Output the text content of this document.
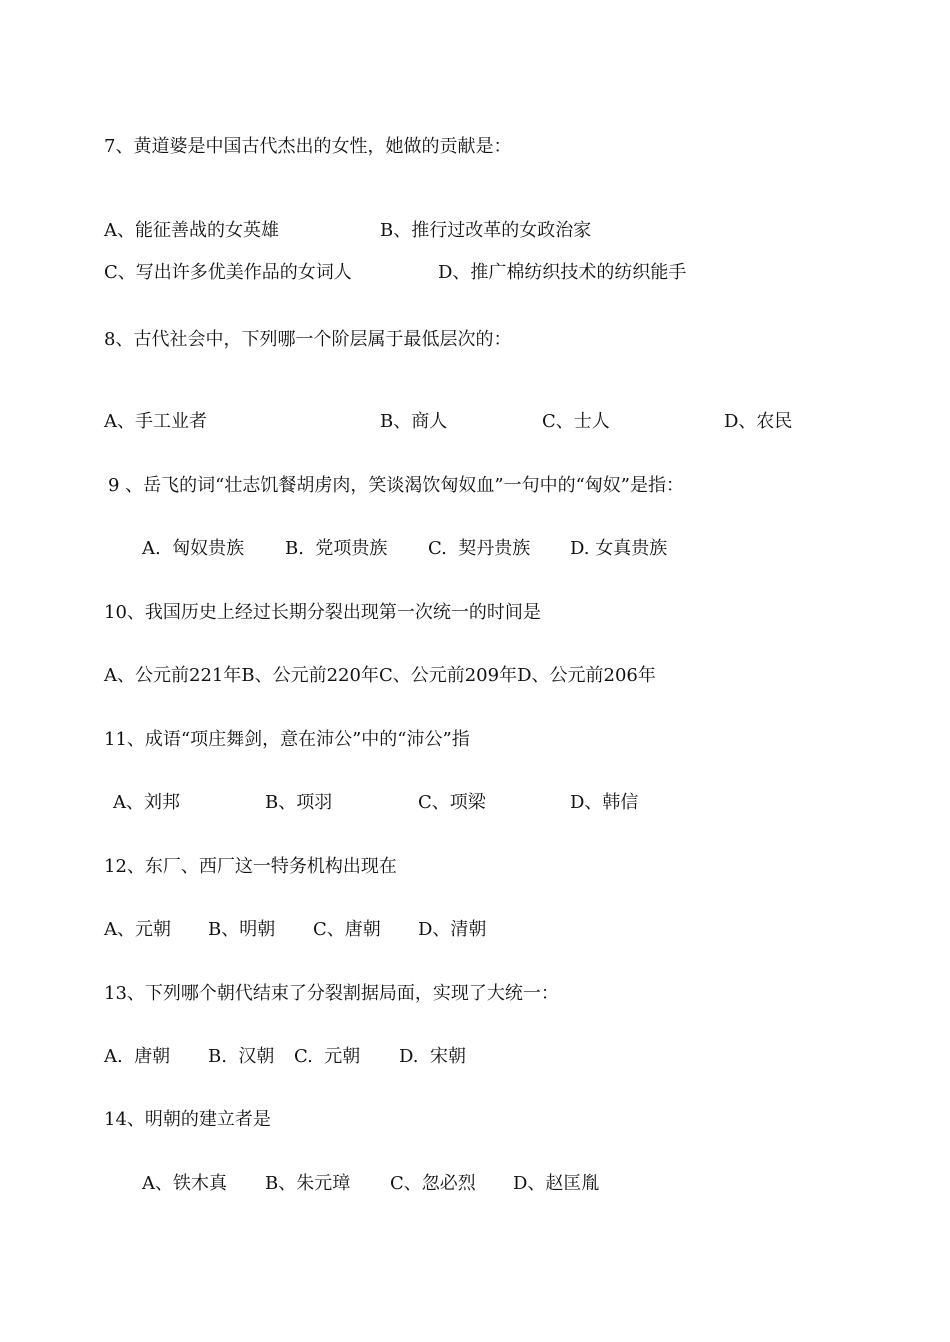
7、黄道婆是中国古代杰出的女性，她做的贡献是：
A、能征善战的女英雄	B、推行过改革的女政治家
C、写出许多优美作品的女词人	D、推广棉纺织技术的纺织能手
8、古代社会中，下列哪一个阶层属于最低层次的：
A、手工业者	B、商人	C、士人	D、农民
9 、岳飞的词“壮志饥餐胡虏肉，笑谈渴饮匈奴血”一句中的“匈奴”是指：
A.  匈奴贵族 B.  党项贵族 C.  契丹贵族 D. 女真贵族
10、我国历史上经过长期分裂出现第一次统一的时间是
A、公元前221年B、公元前220年C、公元前209年D、公元前206年
11、成语“项庄舞剑，意在沛公”中的“沛公”指
A、刘邦	B、项羽	C、项梁	D、韩信
12、东厂、西厂这一特务机构出现在
A、元朝 B、明朝 C、唐朝 D、清朝
13、下列哪个朝代结束了分裂割据局面，实现了大统一：
A.  唐朝 B.  汉朝 C.  元朝 D.  宋朝
14、明朝的建立者是
A、铁木真 B、朱元璋 C、忽必烈 D、赵匡胤
